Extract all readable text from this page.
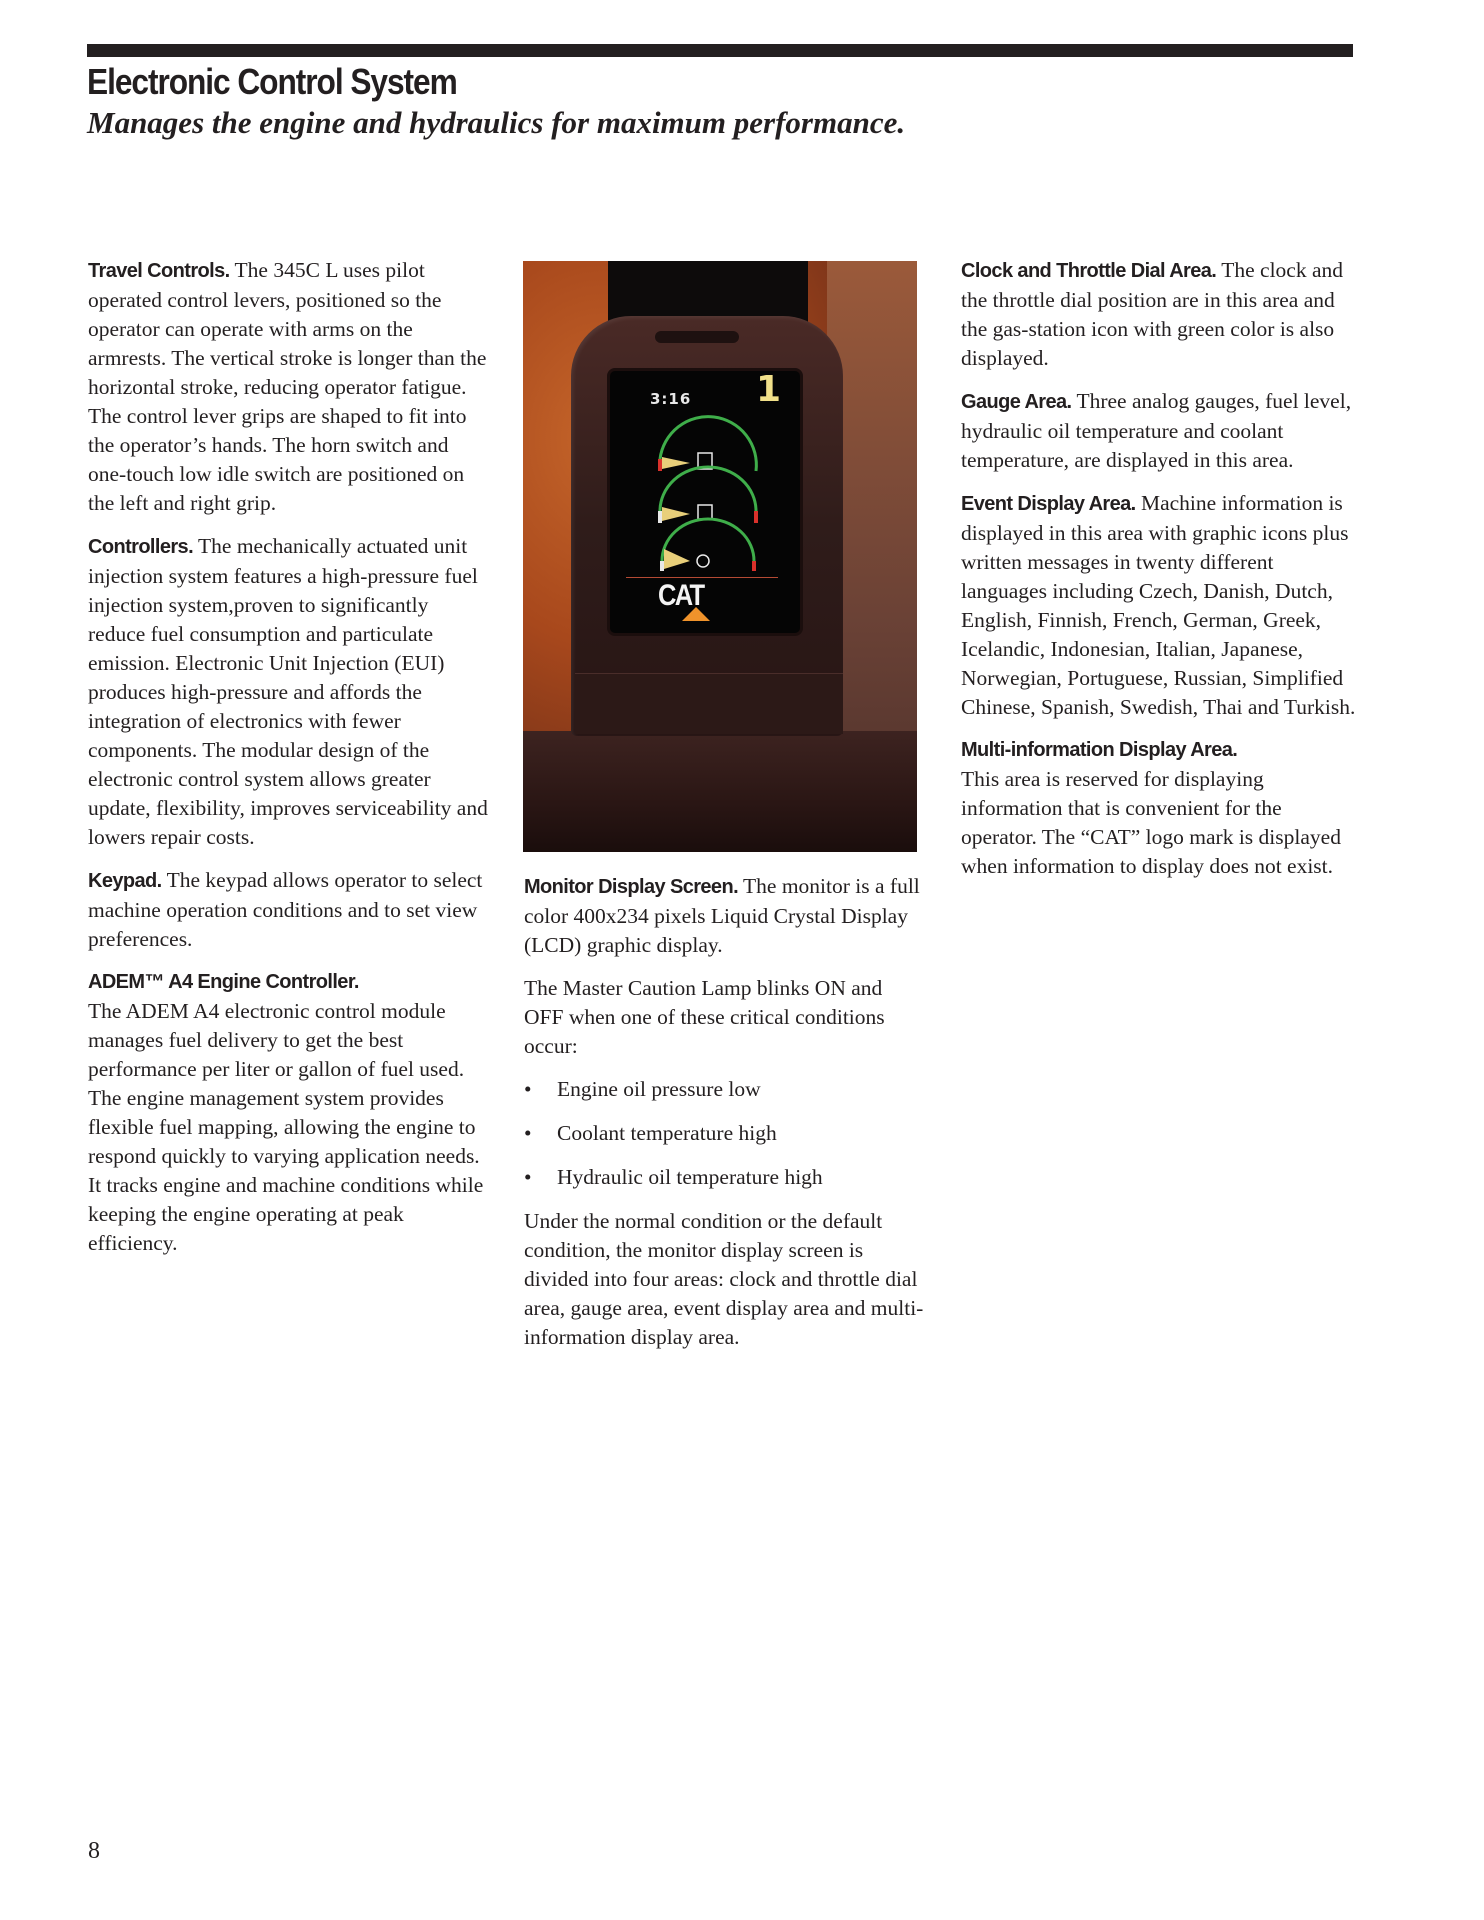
Electronic Control System
Manages the engine and hydraulics for maximum performance.

Travel Controls. The 345C L uses pilot operated control levers, positioned so the operator can operate with arms on the armrests. The vertical stroke is longer than the horizontal stroke, reducing operator fatigue. The control lever grips are shaped to fit into the operator’s hands. The horn switch and one-touch low idle switch are positioned on the left and right grip.

Controllers. The mechanically actuated unit injection system features a high-pressure fuel injection system,proven to significantly reduce fuel consumption and particulate emission. Electronic Unit Injection (EUI) produces high-pressure and affords the integration of electronics with fewer components. The modular design of the electronic control system allows greater update, flexibility, improves serviceability and lowers repair costs.

Keypad. The keypad allows operator to select machine operation conditions and to set view preferences.

ADEM™ A4 Engine Controller.
The ADEM A4 electronic control module manages fuel delivery to get the best performance per liter or gallon of fuel used. The engine management system provides flexible fuel mapping, allowing the engine to respond quickly to varying application needs. It tracks engine and machine conditions while keeping the engine operating at peak efficiency.

3:16 1
CAT

Monitor Display Screen. The monitor is a full color 400x234 pixels Liquid Crystal Display (LCD) graphic display.

The Master Caution Lamp blinks ON and OFF when one of these critical conditions occur:

• Engine oil pressure low
• Coolant temperature high
• Hydraulic oil temperature high

Under the normal condition or the default condition, the monitor display screen is divided into four areas: clock and throttle dial area, gauge area, event display area and multi-information display area.

Clock and Throttle Dial Area. The clock and the throttle dial position are in this area and the gas-station icon with green color is also displayed.

Gauge Area. Three analog gauges, fuel level, hydraulic oil temperature and coolant temperature, are displayed in this area.

Event Display Area. Machine information is displayed in this area with graphic icons plus written messages in twenty different languages including Czech, Danish, Dutch, English, Finnish, French, German, Greek, Icelandic, Indonesian, Italian, Japanese, Norwegian, Portuguese, Russian, Simplified Chinese, Spanish, Swedish, Thai and Turkish.

Multi-information Display Area.
This area is reserved for displaying information that is convenient for the operator. The “CAT” logo mark is displayed when information to display does not exist.

8
